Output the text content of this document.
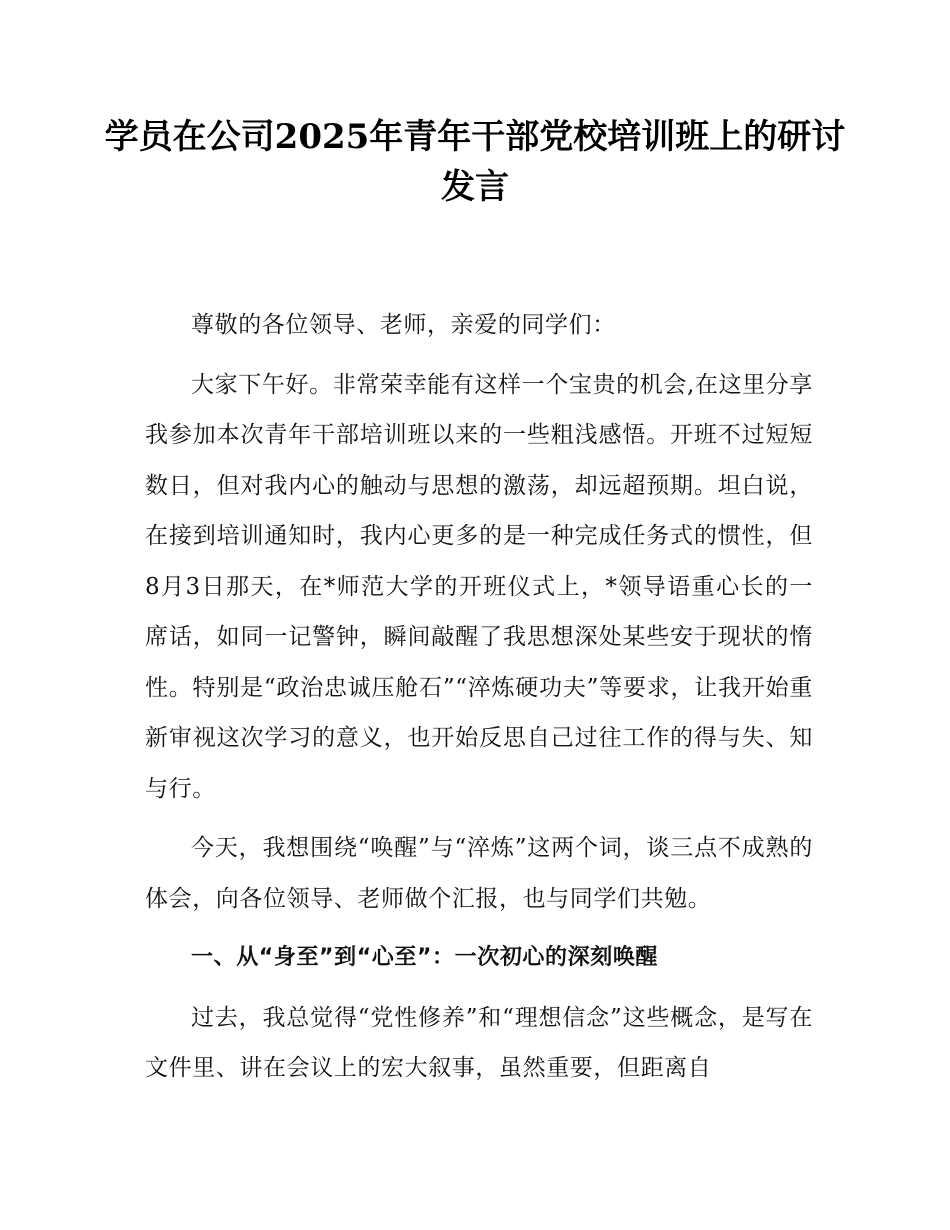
学员在公司2025年青年干部党校培训班上的研讨发言

尊敬的各位领导、老师，亲爱的同学们：

大家下午好。非常荣幸能有这样一个宝贵的机会,在这里分享我参加本次青年干部培训班以来的一些粗浅感悟。开班不过短短数日，但对我内心的触动与思想的激荡，却远超预期。坦白说，在接到培训通知时，我内心更多的是一种完成任务式的惯性，但8月3日那天，在*师范大学的开班仪式上，*领导语重心长的一席话，如同一记警钟，瞬间敲醒了我思想深处某些安于现状的惰性。特别是“政治忠诚压舱石”“淬炼硬功夫”等要求，让我开始重新审视这次学习的意义，也开始反思自己过往工作的得与失、知与行。

今天，我想围绕“唤醒”与“淬炼”这两个词，谈三点不成熟的体会，向各位领导、老师做个汇报，也与同学们共勉。

一、从“身至”到“心至”：一次初心的深刻唤醒

过去，我总觉得“党性修养”和“理想信念”这些概念，是写在文件里、讲在会议上的宏大叙事，虽然重要，但距离自
